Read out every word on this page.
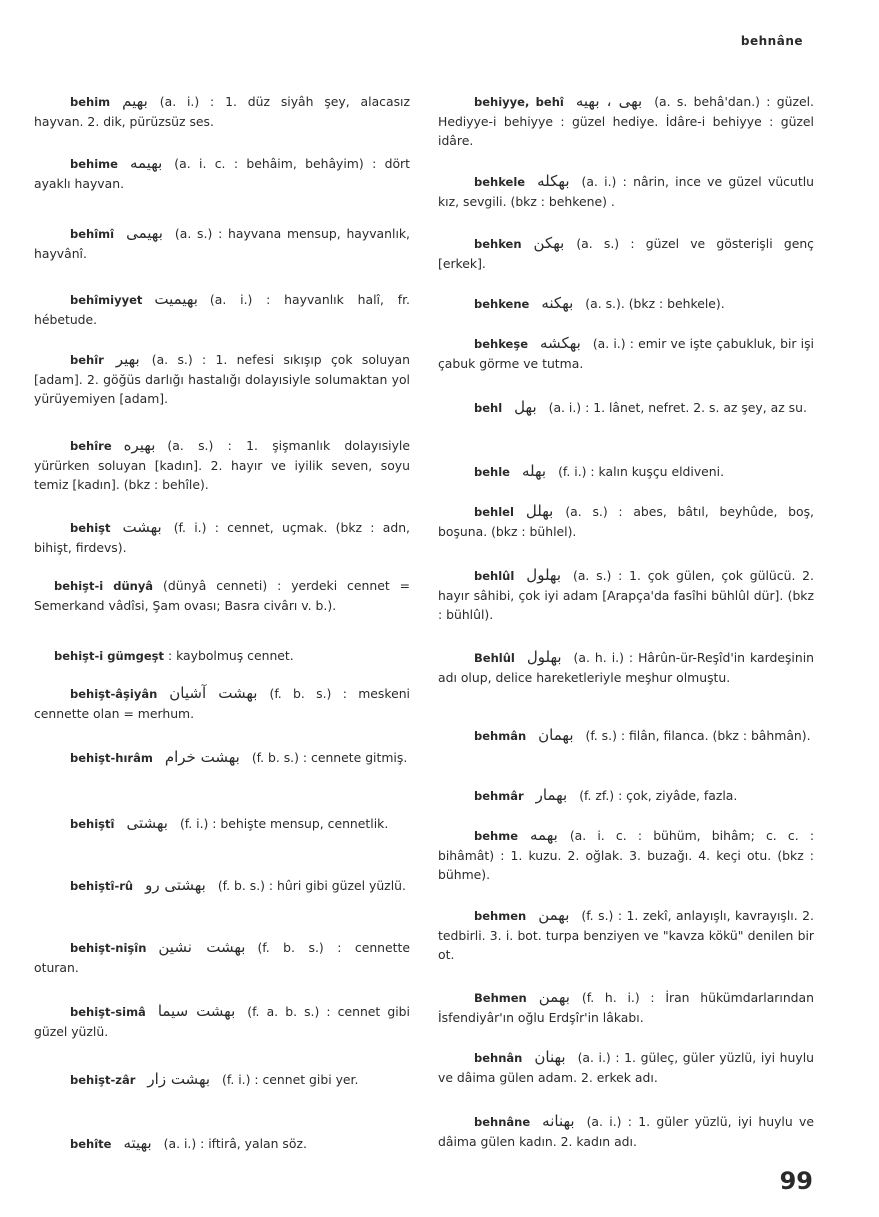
behnâne
behim بهیم (a. i.) : 1. düz siyâh şey, alacasız hayvan. 2. dik, pürüzsüz ses.
behime بهیمه (a. i. c. : behâim, behâyim) : dört ayaklı hayvan.
behîmî بهیمی (a. s.) : hayvana mensup, hayvanlık, hayvânî.
behîmiyyet بهیمیت (a. i.) : hayvanlık halî, fr. hébetude.
behîr بهیر (a. s.) : 1. nefesi sıkışıp çok soluyan [adam]. 2. göğüs darlığı hastalığı dolayısiyle solumaktan yol yürüyemiyen [adam].
behîre بهیره (a. s.) : 1. şişmanlık dolayısiyle yürürken soluyan [kadın]. 2. hayır ve iyilik seven, soyu temiz [kadın]. (bkz : behîle).
behişt بهشت (f. i.) : cennet, uçmak. (bkz : adn, bihişt, firdevs).
behişt-i dünyâ (dünyâ cenneti) : yerdeki cennet = Semerkand vâdîsi, Şam ovası; Basra civârı v. b.).
behişt-i gümgeşt : kaybolmuş cennet.
behişt-âşiyân بهشت آشیان (f. b. s.) : meskeni cennette olan = merhum.
behişt-hırâm بهشت خرام (f. b. s.) : cennete gitmiş.
behiştî بهشتی (f. i.) : behişte mensup, cennetlik.
behiştî-rû بهشتی رو (f. b. s.) : hûri gibi güzel yüzlü.
behişt-nişîn بهشت نشین (f. b. s.) : cennette oturan.
behişt-simâ بهشت سیما (f. a. b. s.) : cennet gibi güzel yüzlü.
behişt-zâr بهشت زار (f. i.) : cennet gibi yer.
behîte بهیته (a. i.) : iftirâ, yalan söz.
behiyye, behî بهی ، بهیه (a. s. behâ'dan.) : güzel. Hediyye-i behiyye : güzel hediye. İdâre-i behiyye : güzel idâre.
behkele بهکله (a. i.) : nârin, ince ve güzel vücutlu kız, sevgili. (bkz : behkene) .
behken بهکن (a. s.) : güzel ve gösterişli genç [erkek].
behkene بهکنه (a. s.). (bkz : behkele).
behkeşe بهکشه (a. i.) : emir ve işte çabukluk, bir işi çabuk görme ve tutma.
behl بهل (a. i.) : 1. lânet, nefret. 2. s. az şey, az su.
behle بهله (f. i.) : kalın kuşçu eldiveni.
behlel بهلل (a. s.) : abes, bâtıl, beyhûde, boş, boşuna. (bkz : bühlel).
behlûl بهلول (a. s.) : 1. çok gülen, çok gülücü. 2. hayır sâhibi, çok iyi adam [Arapça'da fasîhi bühlûl dür]. (bkz : bühlûl).
Behlûl بهلول (a. h. i.) : Hârûn-ür-Reşîd'in kardeşinin adı olup, delice hareketleriyle meşhur olmuştu.
behmân بهمان (f. s.) : filân, filanca. (bkz : bâhmân).
behmâr بهمار (f. zf.) : çok, ziyâde, fazla.
behme بهمه (a. i. c. : bühüm, bihâm; c. c. : bihâmât) : 1. kuzu. 2. oğlak. 3. buzağı. 4. keçi otu. (bkz : bühme).
behmen بهمن (f. s.) : 1. zekî, anlayışlı, kavrayışlı. 2. tedbirli. 3. i. bot. turpa benziyen ve "kavza kökü" denilen bir ot.
Behmen بهمن (f. h. i.) : İran hükümdarlarından İsfendiyâr'ın oğlu Erdşîr'in lâkabı.
behnân بهنان (a. i.) : 1. güleç, güler yüzlü, iyi huylu ve dâima gülen adam. 2. erkek adı.
behnâne بهنانه (a. i.) : 1. güler yüzlü, iyi huylu ve dâima gülen kadın. 2. kadın adı.
99
